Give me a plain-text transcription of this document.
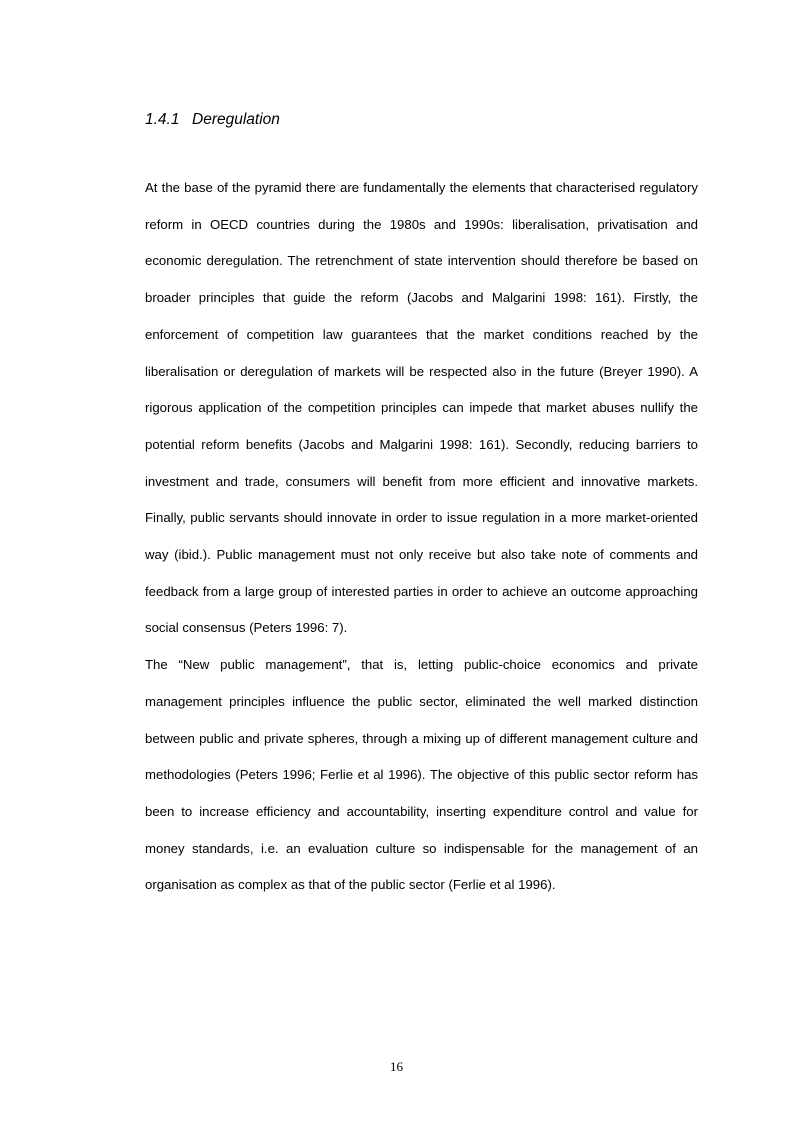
1.4.1 Deregulation

At the base of the pyramid there are fundamentally the elements that characterised regulatory reform in OECD countries during the 1980s and 1990s: liberalisation, privatisation and economic deregulation. The retrenchment of state intervention should therefore be based on broader principles that guide the reform (Jacobs and Malgarini 1998: 161). Firstly, the enforcement of competition law guarantees that the market conditions reached by the liberalisation or deregulation of markets will be respected also in the future (Breyer 1990). A rigorous application of the competition principles can impede that market abuses nullify the potential reform benefits (Jacobs and Malgarini 1998: 161). Secondly, reducing barriers to investment and trade, consumers will benefit from more efficient and innovative markets. Finally, public servants should innovate in order to issue regulation in a more market-oriented way (ibid.). Public management must not only receive but also take note of comments and feedback from a large group of interested parties in order to achieve an outcome approaching social consensus (Peters 1996: 7).

The “New public management”, that is, letting public-choice economics and private management principles influence the public sector, eliminated the well marked distinction between public and private spheres, through a mixing up of different management culture and methodologies (Peters 1996; Ferlie et al 1996). The objective of this public sector reform has been to increase efficiency and accountability, inserting expenditure control and value for money standards, i.e. an evaluation culture so indispensable for the management of an organisation as complex as that of the public sector (Ferlie et al 1996).

16
